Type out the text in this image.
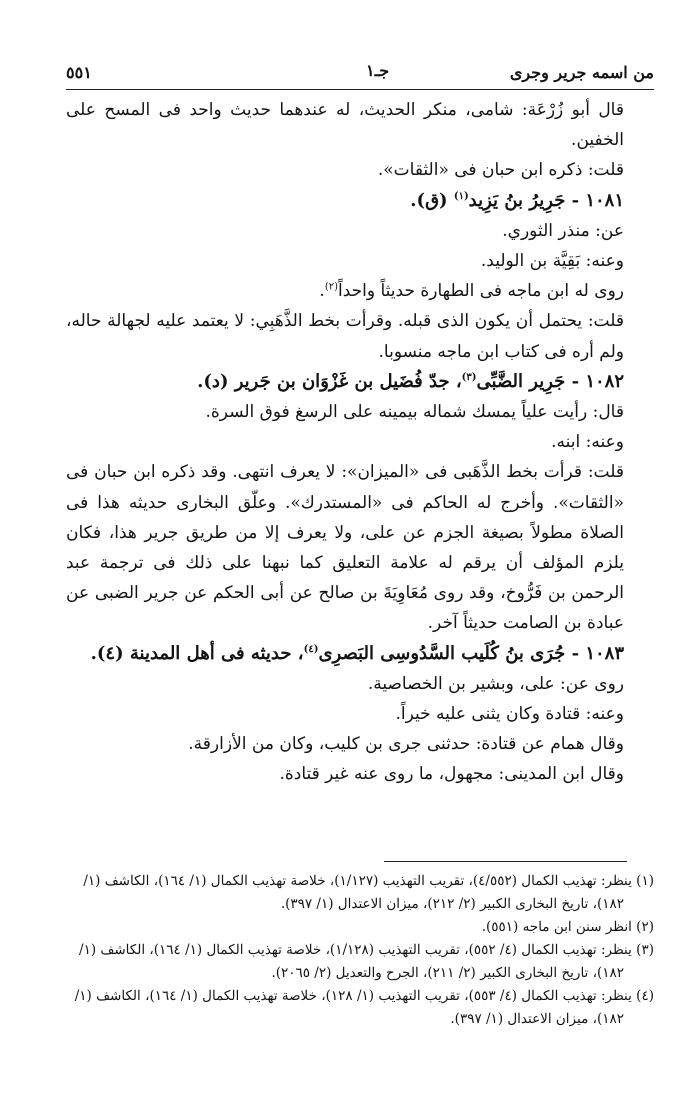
من اسمه جرير وجرى
جـ١
٥٥١

قال أبو زُرْعَة: شامى، منكر الحديث، له عندهما حديث واحد فى المسح على الخفين.

قلت: ذكره ابن حبان فى «الثقات».

١٠٨١ - جَرِيرُ بنُ يَزِيد$^{(١)}$ (ق).

عن: منذر الثوري.

وعنه: بَقِيَّة بن الوليد.

روى له ابن ماجه فى الطهارة حديثاً واحداً$^{(٢)}$.

قلت: يحتمل أن يكون الذى قبله. وقرأت بخط الذَّهَبِي: لا يعتمد عليه لجهالة حاله، ولم أره فى كتاب ابن ماجه منسوبا.

١٠٨٢ - جَرِير الضَّبِّى$^{(٣)}$، جدّ فُضَيل بن غَزْوَان بن جَرير (د).

قال: رأيت علياً يمسك شماله بيمينه على الرسغ فوق السرة.

وعنه: ابنه.

قلت: قرأت بخط الذَّهَبى فى «الميزان»: لا يعرف انتهى. وقد ذكره ابن حبان فى «الثقات». وأخرج له الحاكم فى «المستدرك». وعلّق البخارى حديثه هذا فى الصلاة مطولاً بصيغة الجزم عن على، ولا يعرف إلا من طريق جرير هذا، فكان يلزم المؤلف أن يرقم له علامة التعليق كما نبهنا على ذلك فى ترجمة عبد الرحمن بن فَرُّوخ، وقد روى مُعَاوِيَةَ بن صالح عن أبى الحكم عن جرير الضبى عن عبادة بن الصامت حديثاً آخر.

١٠٨٣ - جُرَى بنُ كُلَيب السَّدُوسِى البَصرِى$^{(٤)}$، حديثه فى أهل المدينة (٤).

روى عن: على، وبشير بن الخصاصية.

وعنه: قتادة وكان يثنى عليه خيراً.

وقال همام عن قتادة: حدثنى جرى بن كليب، وكان من الأزارقة.

وقال ابن المدينى: مجهول، ما روى عنه غير قتادة.

(١) ينظر: تهذيب الكمال (٤/٥٥٢)، تقريب التهذيب (١/١٢٧)، خلاصة تهذيب الكمال (١/ ١٦٤)، الكاشف (١/ ١٨٢)، تاريخ البخارى الكبير (٢/ ٢١٢)، ميزان الاعتدال (١/ ٣٩٧).

(٢) انظر سنن ابن ماجه (٥٥١).

(٣) ينظر: تهذيب الكمال (٤/ ٥٥٢)، تقريب التهذيب (١/١٢٨)، خلاصة تهذيب الكمال (١/ ١٦٤)، الكاشف (١/ ١٨٢)، تاريخ البخارى الكبير (٢/ ٢١١)، الجرح والتعديل (٢/ ٢٠٦٥).

(٤) ينظر: تهذيب الكمال (٤/ ٥٥٣)، تقريب التهذيب (١/ ١٢٨)، خلاصة تهذيب الكمال (١/ ١٦٤)، الكاشف (١/ ١٨٢)، ميزان الاعتدال (١/ ٣٩٧).
